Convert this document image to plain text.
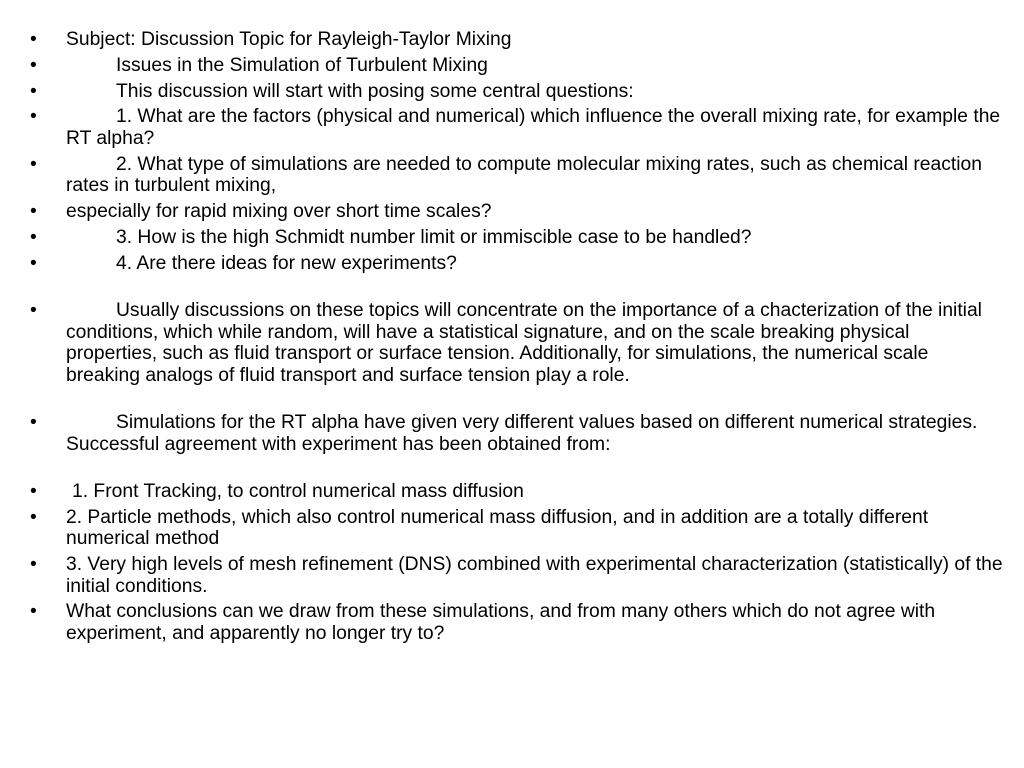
• Subject: Discussion Topic for Rayleigh-Taylor Mixing
•	Issues in the Simulation of Turbulent Mixing
•	This discussion will start with posing some central questions:
•	1. What are the factors (physical and numerical) which influence the overall mixing rate, for example the RT alpha?
•	2. What type of simulations are needed to compute molecular mixing rates, such as chemical reaction rates in turbulent mixing,
• especially for rapid mixing over short time scales?
•	3. How is the high Schmidt number limit or immiscible case to be handled?
•	4. Are there ideas for new experiments?
•	Usually discussions on these topics will concentrate on the importance of a chacterization of the initial conditions, which while random, will have a statistical signature, and on the scale breaking physical properties, such as fluid transport or surface tension. Additionally, for simulations, the numerical scale breaking analogs of fluid transport and surface tension play a role.
•	Simulations for the RT alpha have given very different values based on different numerical strategies. Successful agreement with experiment has been obtained from:
• 1. Front Tracking, to control numerical mass diffusion
• 2. Particle methods, which also control numerical mass diffusion, and in addition are a totally different numerical method
• 3. Very high levels of mesh refinement (DNS) combined with experimental characterization (statistically) of the initial conditions.
• What conclusions can we draw from these simulations, and from many others which do not agree with experiment, and apparently no longer try to?
